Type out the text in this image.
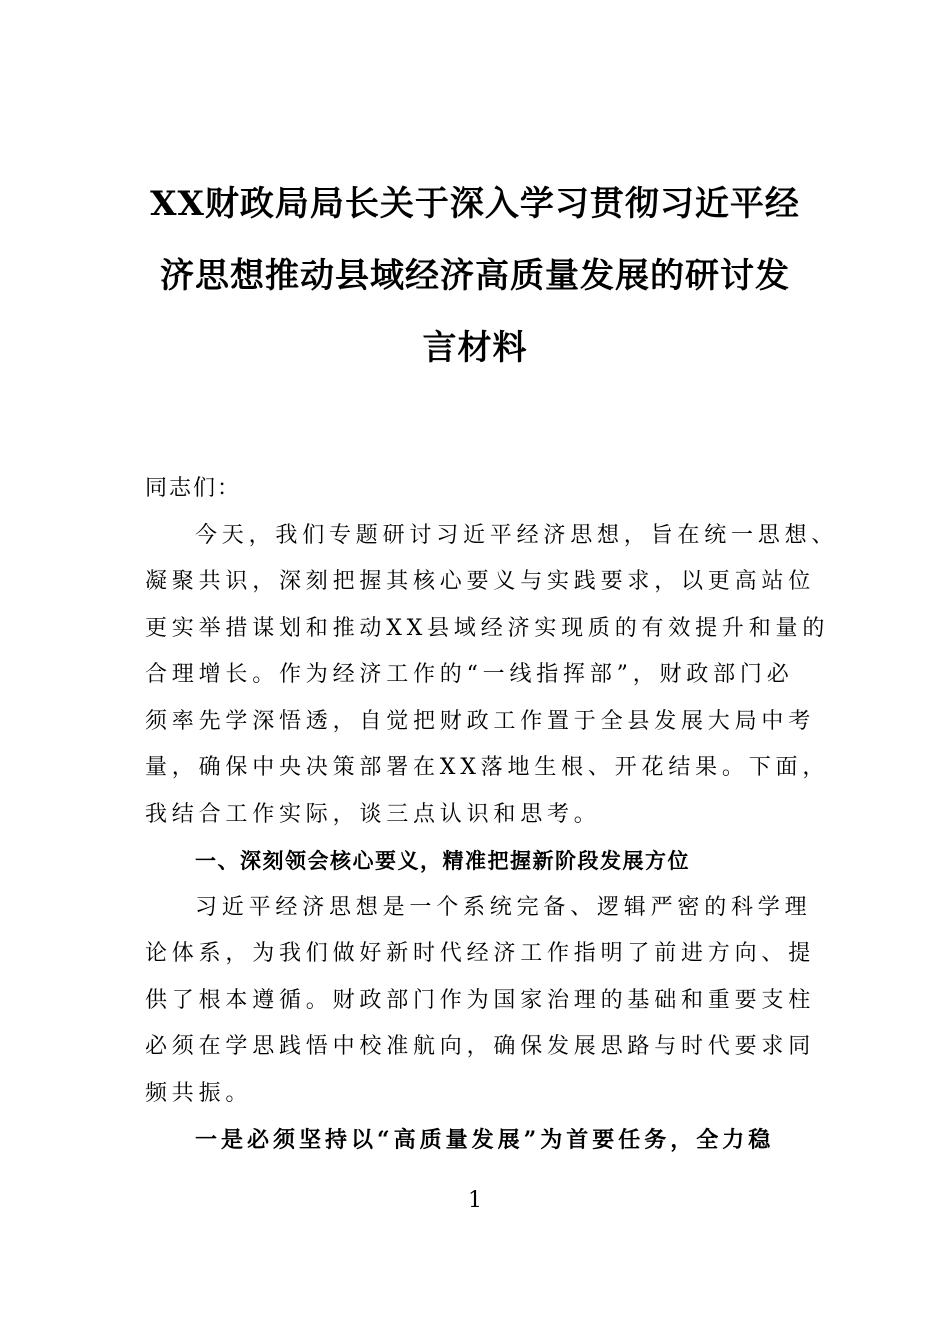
XX财政局局长关于深入学习贯彻习近平经
济思想推动县域经济高质量发展的研讨发
言材料
同志们：
今天，我们专题研讨习近平经济思想，旨在统一思想、
凝聚共识，深刻把握其核心要义与实践要求，以更高站位
更实举措谋划和推动XX县域经济实现质的有效提升和量的
合理增长。作为经济工作的“一线指挥部”，财政部门必
须率先学深悟透，自觉把财政工作置于全县发展大局中考
量，确保中央决策部署在XX落地生根、开花结果。下面，
我结合工作实际，谈三点认识和思考。
一、深刻领会核心要义，精准把握新阶段发展方位
习近平经济思想是一个系统完备、逻辑严密的科学理
论体系，为我们做好新时代经济工作指明了前进方向、提
供了根本遵循。财政部门作为国家治理的基础和重要支柱
必须在学思践悟中校准航向，确保发展思路与时代要求同
频共振。
一是必须坚持以“高质量发展”为首要任务，全力稳
1
